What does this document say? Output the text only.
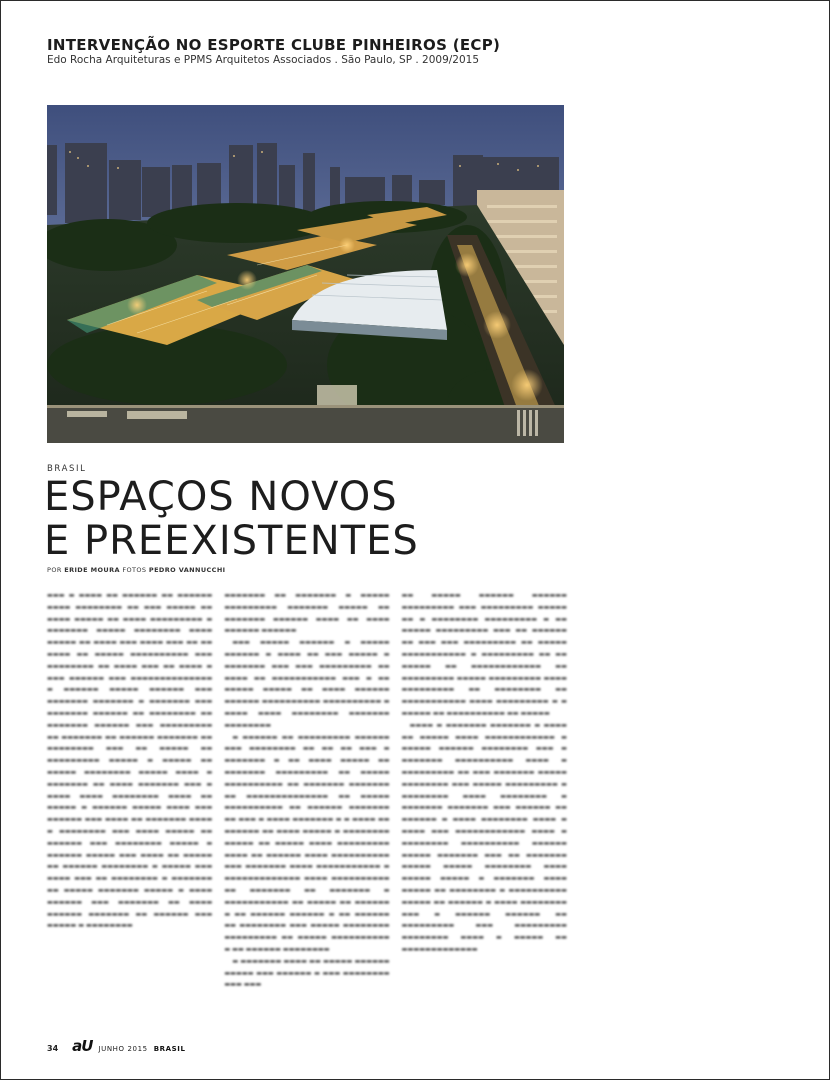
INTERVENÇÃO NO ESPORTE CLUBE PINHEIROS (ECP)
Edo Rocha Arquiteturas e PPMS Arquitetos Associados . São Paulo, SP . 2009/2015
BRASIL
ESPAÇOS NOVOS
E PREEXISTENTES
POR ERIDE MOURA FOTOS PEDRO VANNUCCHI

▬▬▬ ▬ ▬▬▬▬ ▬▬ ▬▬▬▬▬▬ ▬▬ ▬▬▬▬▬▬ ▬▬▬▬ ▬▬▬▬▬▬▬▬ ▬▬ ▬▬▬ ▬▬▬▬▬ ▬▬ ▬▬▬▬ ▬▬▬▬▬ ▬▬ ▬▬▬▬ ▬▬▬▬▬▬▬▬▬ ▬ ▬▬▬▬▬▬▬ ▬▬▬▬▬ ▬▬▬▬▬▬▬▬ ▬▬▬▬ ▬▬▬▬▬ ▬▬ ▬▬▬▬ ▬▬▬ ▬▬▬▬ ▬▬▬ ▬▬ ▬▬ ▬▬▬▬ ▬▬ ▬▬▬▬▬ ▬▬▬▬▬▬▬▬▬▬ ▬▬▬ ▬▬▬▬▬▬▬▬ ▬▬ ▬▬▬▬ ▬▬▬ ▬▬ ▬▬▬▬ ▬ ▬▬▬ ▬▬▬▬▬▬ ▬▬▬ ▬▬▬▬▬▬▬▬▬▬▬▬▬▬ ▬ ▬▬▬▬▬▬ ▬▬▬▬▬ ▬▬▬▬▬▬ ▬▬▬ ▬▬▬▬▬▬▬ ▬▬▬▬▬▬▬ ▬ ▬▬▬▬▬▬▬ ▬▬▬ ▬▬▬▬▬▬▬ ▬▬▬▬▬▬ ▬▬ ▬▬▬▬▬▬▬▬ ▬▬ ▬▬▬▬▬▬▬ ▬▬▬▬▬▬ ▬▬▬ ▬▬▬▬▬▬▬▬▬ ▬▬ ▬▬▬▬▬▬▬ ▬▬ ▬▬▬▬▬▬ ▬▬▬▬▬▬▬ ▬▬ ▬▬▬▬▬▬▬▬ ▬▬▬ ▬▬ ▬▬▬▬▬ ▬▬ ▬▬▬▬▬▬▬▬▬ ▬▬▬▬▬ ▬ ▬▬▬▬▬ ▬▬ ▬▬▬▬▬ ▬▬▬▬▬▬▬▬ ▬▬▬▬▬ ▬▬▬▬ ▬ ▬▬▬▬▬▬▬ ▬▬ ▬▬▬▬ ▬▬▬▬▬▬▬ ▬▬▬ ▬ ▬▬▬▬ ▬▬▬▬ ▬▬▬▬▬▬▬▬ ▬▬▬▬ ▬▬ ▬▬▬▬▬ ▬ ▬▬▬▬▬▬ ▬▬▬▬▬ ▬▬▬▬ ▬▬▬ ▬▬▬▬▬▬ ▬▬▬ ▬▬▬▬ ▬▬ ▬▬▬▬▬▬▬ ▬▬▬▬ ▬ ▬▬▬▬▬▬▬▬ ▬▬▬ ▬▬▬▬ ▬▬▬▬▬ ▬▬ ▬▬▬▬▬▬ ▬▬▬ ▬▬▬▬▬▬▬▬ ▬▬▬▬▬ ▬ ▬▬▬▬▬▬ ▬▬▬▬▬ ▬▬▬ ▬▬▬▬ ▬▬ ▬▬▬▬▬ ▬▬ ▬▬▬▬▬▬ ▬▬▬▬▬▬▬▬ ▬ ▬▬▬▬▬ ▬▬▬ ▬▬▬▬ ▬▬▬ ▬▬ ▬▬▬▬▬▬▬▬ ▬ ▬▬▬▬▬▬▬ ▬▬ ▬▬▬▬▬ ▬▬▬▬▬▬▬ ▬▬▬▬▬ ▬ ▬▬▬▬ ▬▬▬▬▬▬ ▬▬▬ ▬▬▬▬▬▬▬ ▬▬ ▬▬▬▬ ▬▬▬▬▬▬ ▬▬▬▬▬▬▬ ▬▬ ▬▬▬▬▬▬ ▬▬▬ ▬▬▬▬▬ ▬ ▬▬▬▬▬▬▬▬

▬▬▬▬▬▬▬ ▬▬ ▬▬▬▬▬▬▬ ▬ ▬▬▬▬▬ ▬▬▬▬▬▬▬▬▬ ▬▬▬▬▬▬▬ ▬▬▬▬▬ ▬▬ ▬▬▬▬▬▬▬ ▬▬▬▬▬▬ ▬▬▬▬ ▬▬ ▬▬▬▬ ▬▬▬▬▬▬ ▬▬▬▬▬▬

▬▬▬ ▬▬▬▬▬ ▬▬▬▬▬▬ ▬ ▬▬▬▬▬ ▬▬▬▬▬▬ ▬ ▬▬▬▬ ▬▬ ▬▬▬ ▬▬▬▬▬ ▬ ▬▬▬▬▬▬▬ ▬▬▬ ▬▬▬ ▬▬▬▬▬▬▬▬▬ ▬▬ ▬▬▬▬ ▬▬ ▬▬▬▬▬▬▬▬▬▬▬ ▬▬▬ ▬ ▬▬ ▬▬▬▬▬ ▬▬▬▬▬ ▬▬ ▬▬▬▬ ▬▬▬▬▬▬ ▬▬▬▬▬▬ ▬▬▬▬▬▬▬▬▬▬ ▬▬▬▬▬▬▬▬▬▬ ▬ ▬▬▬▬ ▬▬▬▬ ▬▬▬▬▬▬▬▬ ▬▬▬▬▬▬▬ ▬▬▬▬▬▬▬▬

▬ ▬▬▬▬▬▬ ▬▬ ▬▬▬▬▬▬▬▬▬ ▬▬▬▬▬▬ ▬▬▬ ▬▬▬▬▬▬▬▬ ▬▬ ▬▬ ▬▬ ▬▬▬ ▬ ▬▬▬▬▬▬▬ ▬ ▬▬ ▬▬▬▬ ▬▬▬▬▬ ▬▬ ▬▬▬▬▬▬▬ ▬▬▬▬▬▬▬▬▬ ▬▬ ▬▬▬▬▬ ▬▬▬▬▬▬▬▬▬▬ ▬▬ ▬▬▬▬▬▬▬ ▬▬▬▬▬▬▬ ▬▬ ▬▬▬▬▬▬▬▬▬▬▬▬▬▬ ▬▬ ▬▬▬▬▬ ▬▬▬▬▬▬▬▬▬▬ ▬▬ ▬▬▬▬▬▬ ▬▬▬▬▬▬▬ ▬▬ ▬▬▬ ▬ ▬▬▬▬ ▬▬▬▬▬▬▬ ▬ ▬ ▬▬▬▬ ▬▬ ▬▬▬▬▬▬ ▬▬ ▬▬▬▬ ▬▬▬▬▬ ▬ ▬▬▬▬▬▬▬▬ ▬▬▬▬▬ ▬▬ ▬▬▬▬▬ ▬▬▬▬ ▬▬▬▬▬▬▬▬▬ ▬▬▬▬ ▬▬ ▬▬▬▬▬▬ ▬▬▬▬ ▬▬▬▬▬▬▬▬▬▬ ▬▬▬ ▬▬▬▬▬▬▬ ▬▬▬▬ ▬▬▬▬▬▬▬▬▬▬▬ ▬ ▬▬▬▬▬▬▬▬▬▬▬▬▬ ▬▬▬▬ ▬▬▬▬▬▬▬▬▬▬ ▬▬ ▬▬▬▬▬▬▬ ▬▬ ▬▬▬▬▬▬▬ ▬ ▬▬▬▬▬▬▬▬▬▬▬ ▬▬ ▬▬▬▬▬ ▬▬ ▬▬▬▬▬▬ ▬ ▬▬ ▬▬▬▬▬▬ ▬▬▬▬▬▬ ▬ ▬▬ ▬▬▬▬▬▬ ▬▬ ▬▬▬▬▬▬▬▬ ▬▬▬ ▬▬▬▬▬ ▬▬▬▬▬▬▬▬ ▬▬▬▬▬▬▬▬▬ ▬▬ ▬▬▬▬▬ ▬▬▬▬▬▬▬▬▬▬ ▬ ▬▬ ▬▬▬▬▬▬ ▬▬▬▬▬▬▬▬

▬ ▬▬▬▬▬▬▬ ▬▬▬▬ ▬▬ ▬▬▬▬▬ ▬▬▬▬▬▬ ▬▬▬▬▬ ▬▬▬ ▬▬▬▬▬▬ ▬ ▬▬▬ ▬▬▬▬▬▬▬▬ ▬▬▬ ▬▬▬

▬▬ ▬▬▬▬▬ ▬▬▬▬▬▬ ▬▬▬▬▬▬ ▬▬▬▬▬▬▬▬▬ ▬▬▬ ▬▬▬▬▬▬▬▬▬ ▬▬▬▬▬ ▬▬ ▬ ▬▬▬▬▬▬▬▬ ▬▬▬▬▬▬▬▬▬ ▬ ▬▬ ▬▬▬▬▬ ▬▬▬▬▬▬▬▬▬ ▬▬▬ ▬▬ ▬▬▬▬▬▬ ▬▬ ▬▬▬ ▬▬▬ ▬▬▬▬▬▬▬▬▬ ▬▬ ▬▬▬▬▬ ▬▬▬▬▬▬▬▬▬▬▬ ▬ ▬▬▬▬▬▬▬▬▬ ▬▬ ▬▬ ▬▬▬▬▬ ▬▬ ▬▬▬▬▬▬▬▬▬▬▬▬ ▬▬ ▬▬▬▬▬▬▬▬▬ ▬▬▬▬▬ ▬▬▬▬▬▬▬▬▬ ▬▬▬▬ ▬▬▬▬▬▬▬▬▬ ▬▬ ▬▬▬▬▬▬▬▬ ▬▬ ▬▬▬▬▬▬▬▬▬▬▬ ▬▬▬▬ ▬▬▬▬▬▬▬▬▬ ▬ ▬ ▬▬▬▬▬ ▬▬ ▬▬▬▬▬▬▬▬▬▬ ▬▬ ▬▬▬▬▬

▬▬▬▬ ▬ ▬▬▬▬▬▬▬ ▬▬▬▬▬▬▬ ▬ ▬▬▬▬ ▬▬ ▬▬▬▬▬ ▬▬▬▬ ▬▬▬▬▬▬▬▬▬▬▬▬ ▬ ▬▬▬▬▬ ▬▬▬▬▬▬ ▬▬▬▬▬▬▬▬ ▬▬▬ ▬ ▬▬▬▬▬▬▬ ▬▬▬▬▬▬▬▬▬▬ ▬▬▬▬ ▬ ▬▬▬▬▬▬▬▬▬ ▬▬ ▬▬▬ ▬▬▬▬▬▬▬ ▬▬▬▬▬ ▬▬▬▬▬▬▬▬ ▬▬▬ ▬▬▬▬▬ ▬▬▬▬▬▬▬▬▬ ▬ ▬▬▬▬▬▬▬▬ ▬▬▬▬ ▬▬▬▬▬▬▬▬ ▬ ▬▬▬▬▬▬▬ ▬▬▬▬▬▬▬ ▬▬▬ ▬▬▬▬▬▬ ▬▬ ▬▬▬▬▬▬ ▬ ▬▬▬▬ ▬▬▬▬▬▬▬▬ ▬▬▬▬ ▬ ▬▬▬▬ ▬▬▬ ▬▬▬▬▬▬▬▬▬▬▬▬ ▬▬▬▬ ▬ ▬▬▬▬▬▬▬▬ ▬▬▬▬▬▬▬▬▬▬ ▬▬▬▬▬▬ ▬▬▬▬▬ ▬▬▬▬▬▬▬ ▬▬▬ ▬▬ ▬▬▬▬▬▬▬ ▬▬▬▬▬ ▬▬▬▬▬ ▬▬▬▬▬▬▬▬ ▬▬▬▬ ▬▬▬▬▬ ▬▬▬▬▬ ▬ ▬▬▬▬▬▬▬ ▬▬▬▬ ▬▬▬▬▬ ▬▬ ▬▬▬▬▬▬▬▬ ▬ ▬▬▬▬▬▬▬▬▬▬ ▬▬▬▬▬ ▬▬ ▬▬▬▬▬▬ ▬ ▬▬▬▬ ▬▬▬▬▬▬▬▬ ▬▬▬ ▬ ▬▬▬▬▬▬ ▬▬▬▬▬▬ ▬▬ ▬▬▬▬▬▬▬▬▬ ▬▬▬ ▬▬▬▬▬▬▬▬▬ ▬▬▬▬▬▬▬▬ ▬▬▬▬ ▬ ▬▬▬▬▬ ▬▬ ▬▬▬▬▬▬▬▬▬▬▬▬▬

34 aU JUNHO 2015 BRASIL
